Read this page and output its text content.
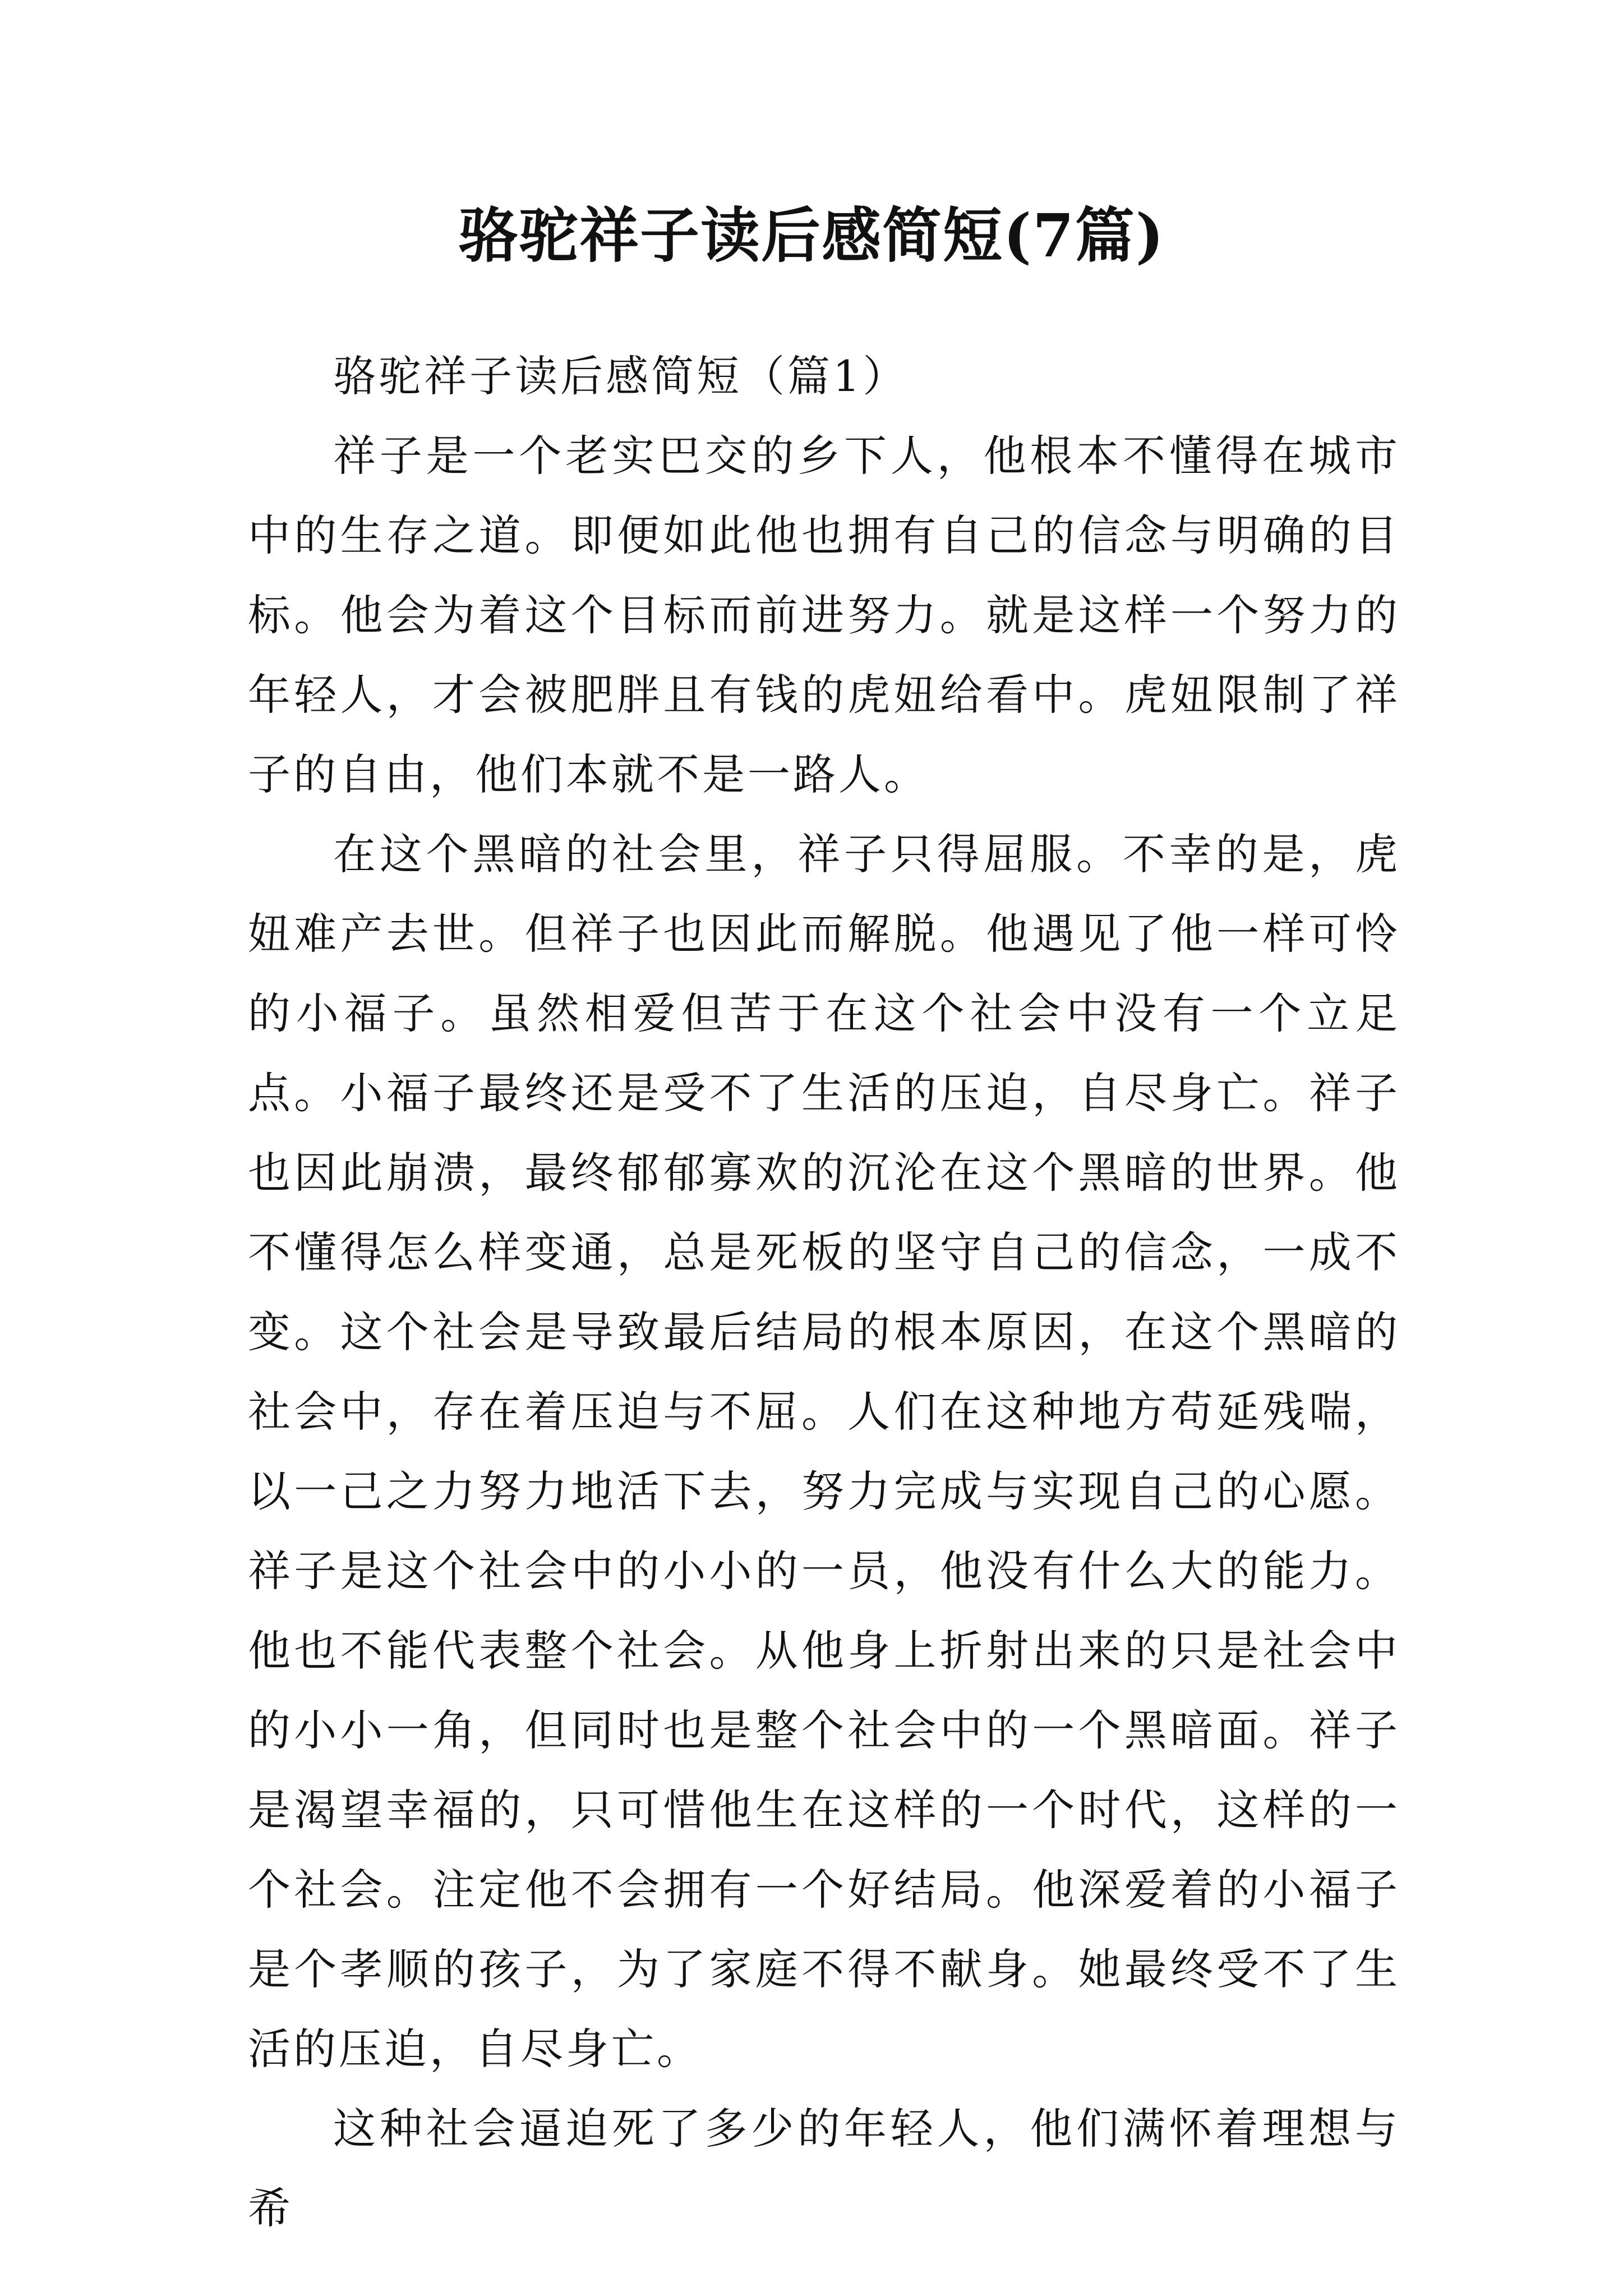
骆驼祥子读后感简短(7篇)

骆驼祥子读后感简短（篇1）

祥子是一个老实巴交的乡下人，他根本不懂得在城市中的生存之道。即便如此他也拥有自己的信念与明确的目标。他会为着这个目标而前进努力。就是这样一个努力的年轻人，才会被肥胖且有钱的虎妞给看中。虎妞限制了祥子的自由，他们本就不是一路人。

在这个黑暗的社会里，祥子只得屈服。不幸的是，虎妞难产去世。但祥子也因此而解脱。他遇见了他一样可怜的小福子。虽然相爱但苦于在这个社会中没有一个立足点。小福子最终还是受不了生活的压迫，自尽身亡。祥子也因此崩溃，最终郁郁寡欢的沉沦在这个黑暗的世界。他不懂得怎么样变通，总是死板的坚守自己的信念，一成不变。这个社会是导致最后结局的根本原因，在这个黑暗的社会中，存在着压迫与不屈。人们在这种地方苟延残喘，以一己之力努力地活下去，努力完成与实现自己的心愿。祥子是这个社会中的小小的一员，他没有什么大的能力。他也不能代表整个社会。从他身上折射出来的只是社会中的小小一角，但同时也是整个社会中的一个黑暗面。祥子是渴望幸福的，只可惜他生在这样的一个时代，这样的一个社会。注定他不会拥有一个好结局。他深爱着的小福子是个孝顺的孩子，为了家庭不得不献身。她最终受不了生活的压迫，自尽身亡。

这种社会逼迫死了多少的年轻人，他们满怀着理想与希
